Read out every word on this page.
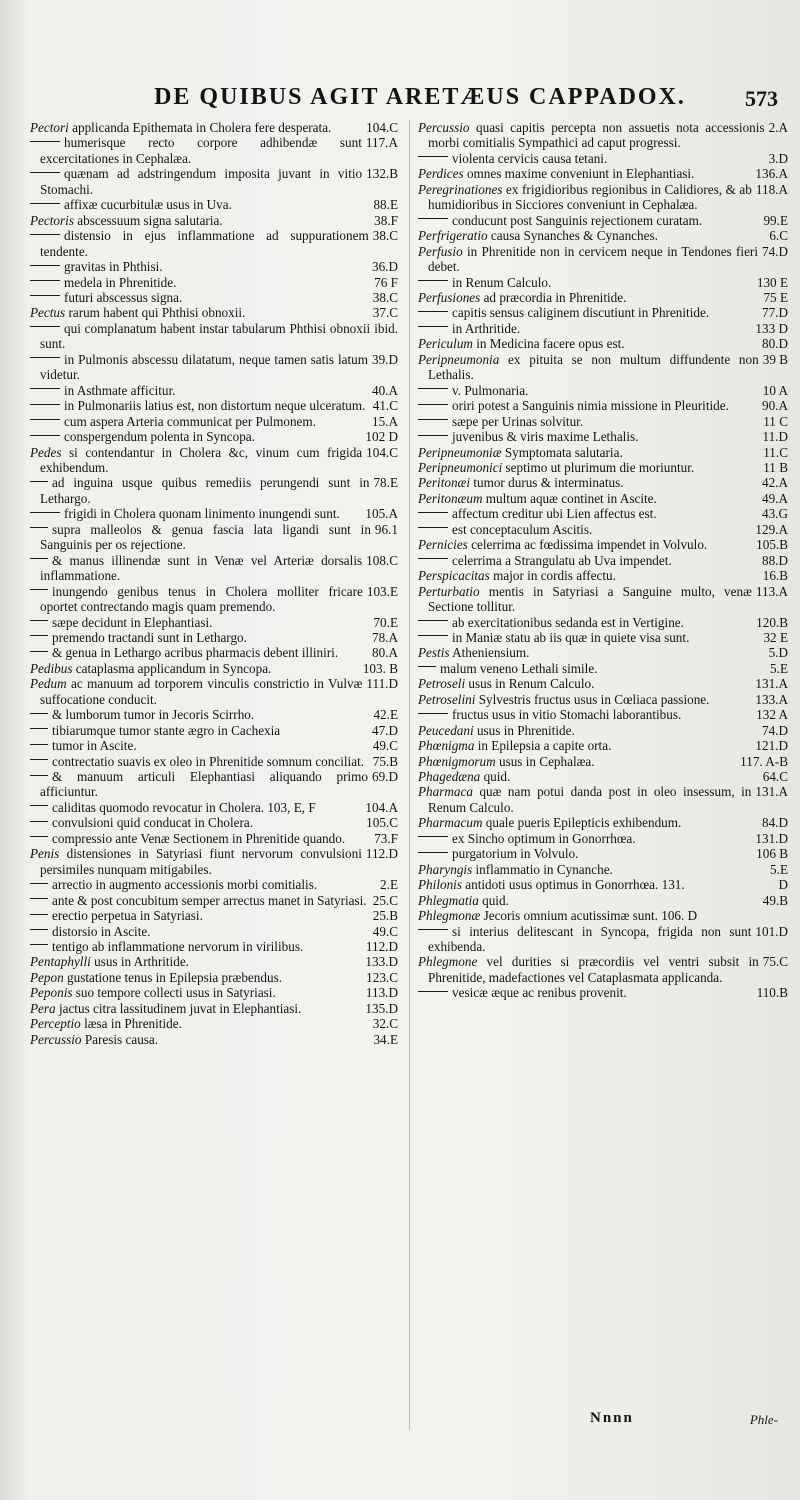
DE QUIBUS AGIT ARETÆUS CAPPADOX.	573

104.C
Pectori applicanda Epithemata in Cholera fere desperata.

117.A
humerisque recto corpore adhibendæ sunt excercitationes in Cephalæa.

132.B
quænam ad adstringendum imposita juvant in vitio Stomachi.

88.E
affixæ cucurbitulæ usus in Uva.

38.F
Pectoris abscessuum signa salutaria.

38.C
distensio in ejus inflammatione ad suppurationem tendente.

36.D
gravitas in Phthisi.

76 F
medela in Phrenitide.

38.C
futuri abscessus signa.

37.C
Pectus rarum habent qui Phthisi obnoxii.

ibid.
qui complanatum habent instar tabularum Phthisi obnoxii sunt.

39.D
in Pulmonis abscessu dilatatum, neque tamen satis latum videtur.

40.A
in Asthmate afficitur.

41.C
in Pulmonariis latius est, non distortum neque ulceratum.

15.A
cum aspera Arteria communicat per Pulmonem.

102 D
conspergendum polenta in Syncopa.

104.C
Pedes si contendantur in Cholera &c, vinum cum frigida exhibendum.

78.E
ad inguina usque quibus remediis perungendi sunt in Lethargo.

105.A
frigidi in Cholera quonam linimento inungendi sunt.

96.1
supra malleolos & genua fascia lata ligandi sunt in Sanguinis per os rejectione.

108.C
& manus illinendæ sunt in Venæ vel Arteriæ dorsalis inflammatione.

103.E
inungendo genibus tenus in Cholera molliter fricare oportet contrectando magis quam premendo.

70.E
sæpe decidunt in Elephantiasi.

78.A
premendo tractandi sunt in Lethargo.

80.A
& genua in Lethargo acribus pharmacis debent illiniri.

103. B
Pedibus cataplasma applicandum in Syncopa.

111.D
Pedum ac manuum ad torporem vinculis constrictio in Vulvæ suffocatione conducit.

42.E
& lumborum tumor in Jecoris Scirrho.

47.D
tibiarumque tumor stante ægro in Cachexia

49.C
tumor in Ascite.

75.B
contrectatio suavis ex oleo in Phrenitide somnum conciliat.

69.D
& manuum articuli Elephantiasi aliquando primo afficiuntur.

104.A
caliditas quomodo revocatur in Cholera. 103, E, F

105.C
convulsioni quid conducat in Cholera.

73.F
compressio ante Venæ Sectionem in Phrenitide quando.

112.D
Penis distensiones in Satyriasi fiunt nervorum convulsioni persimiles nunquam mitigabiles.

2.E
arrectio in augmento accessionis morbi comitialis.

25.C
ante & post concubitum semper arrectus manet in Satyriasi.

25.B
erectio perpetua in Satyriasi.

49.C
distorsio in Ascite.

112.D
tentigo ab inflammatione nervorum in virilibus.

133.D
Pentaphylli usus in Arthritide.

123.C
Pepon gustatione tenus in Epilepsia præbendus.

113.D
Peponis suo tempore collecti usus in Satyriasi.

135.D
Pera jactus citra lassitudinem juvat in Elephantiasi.

32.C
Perceptio læsa in Phrenitide.

34.E
Percussio Paresis causa.

2.A
Percussio quasi capitis percepta non assuetis nota accessionis morbi comitialis Sympathici ad caput progressi.

3.D
violenta cervicis causa tetani.

136.A
Perdices omnes maxime conveniunt in Elephantiasi.

118.A
Peregrinationes ex frigidioribus regionibus in Calidiores, & ab humidioribus in Sicciores conveniunt in Cephalæa.

99.E
conducunt post Sanguinis rejectionem curatam.

6.C
Perfrigeratio causa Synanches & Cynanches.

74.D
Perfusio in Phrenitide non in cervicem neque in Tendones fieri debet.

130 E
in Renum Calculo.

75 E
Perfusiones ad præcordia in Phrenitide.

77.D
capitis sensus caliginem discutiunt in Phrenitide.

133 D
in Arthritide.

80.D
Periculum in Medicina facere opus est.

39 B
Peripneumonia ex pituita se non multum diffundente non Lethalis.

10 A
v. Pulmonaria.

90.A
oriri potest a Sanguinis nimia missione in Pleuritide.

11 C
sæpe per Urinas solvitur.

11.D
juvenibus & viris maxime Lethalis.

11.C
Peripneumoniæ Symptomata salutaria.

11 B
Peripneumonici septimo ut plurimum die moriuntur.

42.A
Peritonæi tumor durus & interminatus.

49.A
Peritonæum multum aquæ continet in Ascite.

43.G
affectum creditur ubi Lien affectus est.

129.A
est conceptaculum Ascitis.

105.B
Pernicies celerrima ac fœdissima impendet in Volvulo.

88.D
celerrima a Strangulatu ab Uva impendet.

16.B
Perspicacitas major in cordis affectu.

113.A
Perturbatio mentis in Satyriasi a Sanguine multo, venæ Sectione tollitur.

120.B
ab exercitationibus sedanda est in Vertigine.

32 E
in Maniæ statu ab iis quæ in quiete visa sunt.

5.D
Pestis Atheniensium.

5.E
malum veneno Lethali simile.

131.A
Petroseli usus in Renum Calculo.

133.A
Petroselini Sylvestris fructus usus in Cœliaca passione.

132 A
fructus usus in vitio Stomachi laborantibus.

74.D
Peucedani usus in Phrenitide.

121.D
Phœnigma in Epilepsia a capite orta.

117. A-B
Phœnigmorum usus in Cephalæa.

64.C
Phagedæna quid.

131.A
Pharmaca quæ nam potui danda post in oleo insessum, in Renum Calculo.

84.D
Pharmacum quale pueris Epilepticis exhibendum.

131.D
ex Sincho optimum in Gonorrhœa.

106 B
purgatorium in Volvulo.

5.E
Pharyngis inflammatio in Cynanche.

D
Philonis antidoti usus optimus in Gonorrhœa. 131.

49.B
Phlegmatia quid.

Phlegmonæ Jecoris omnium acutissimæ sunt. 106. D

101.D
si interius delitescant in Syncopa, frigida non sunt exhibenda.

75.C
Phlegmone vel durities si præcordiis vel ventri subsit in Phrenitide, madefactiones vel Cataplasmata applicanda.

110.B
vesicæ æque ac renibus provenit.

Nnnn	Phle-
